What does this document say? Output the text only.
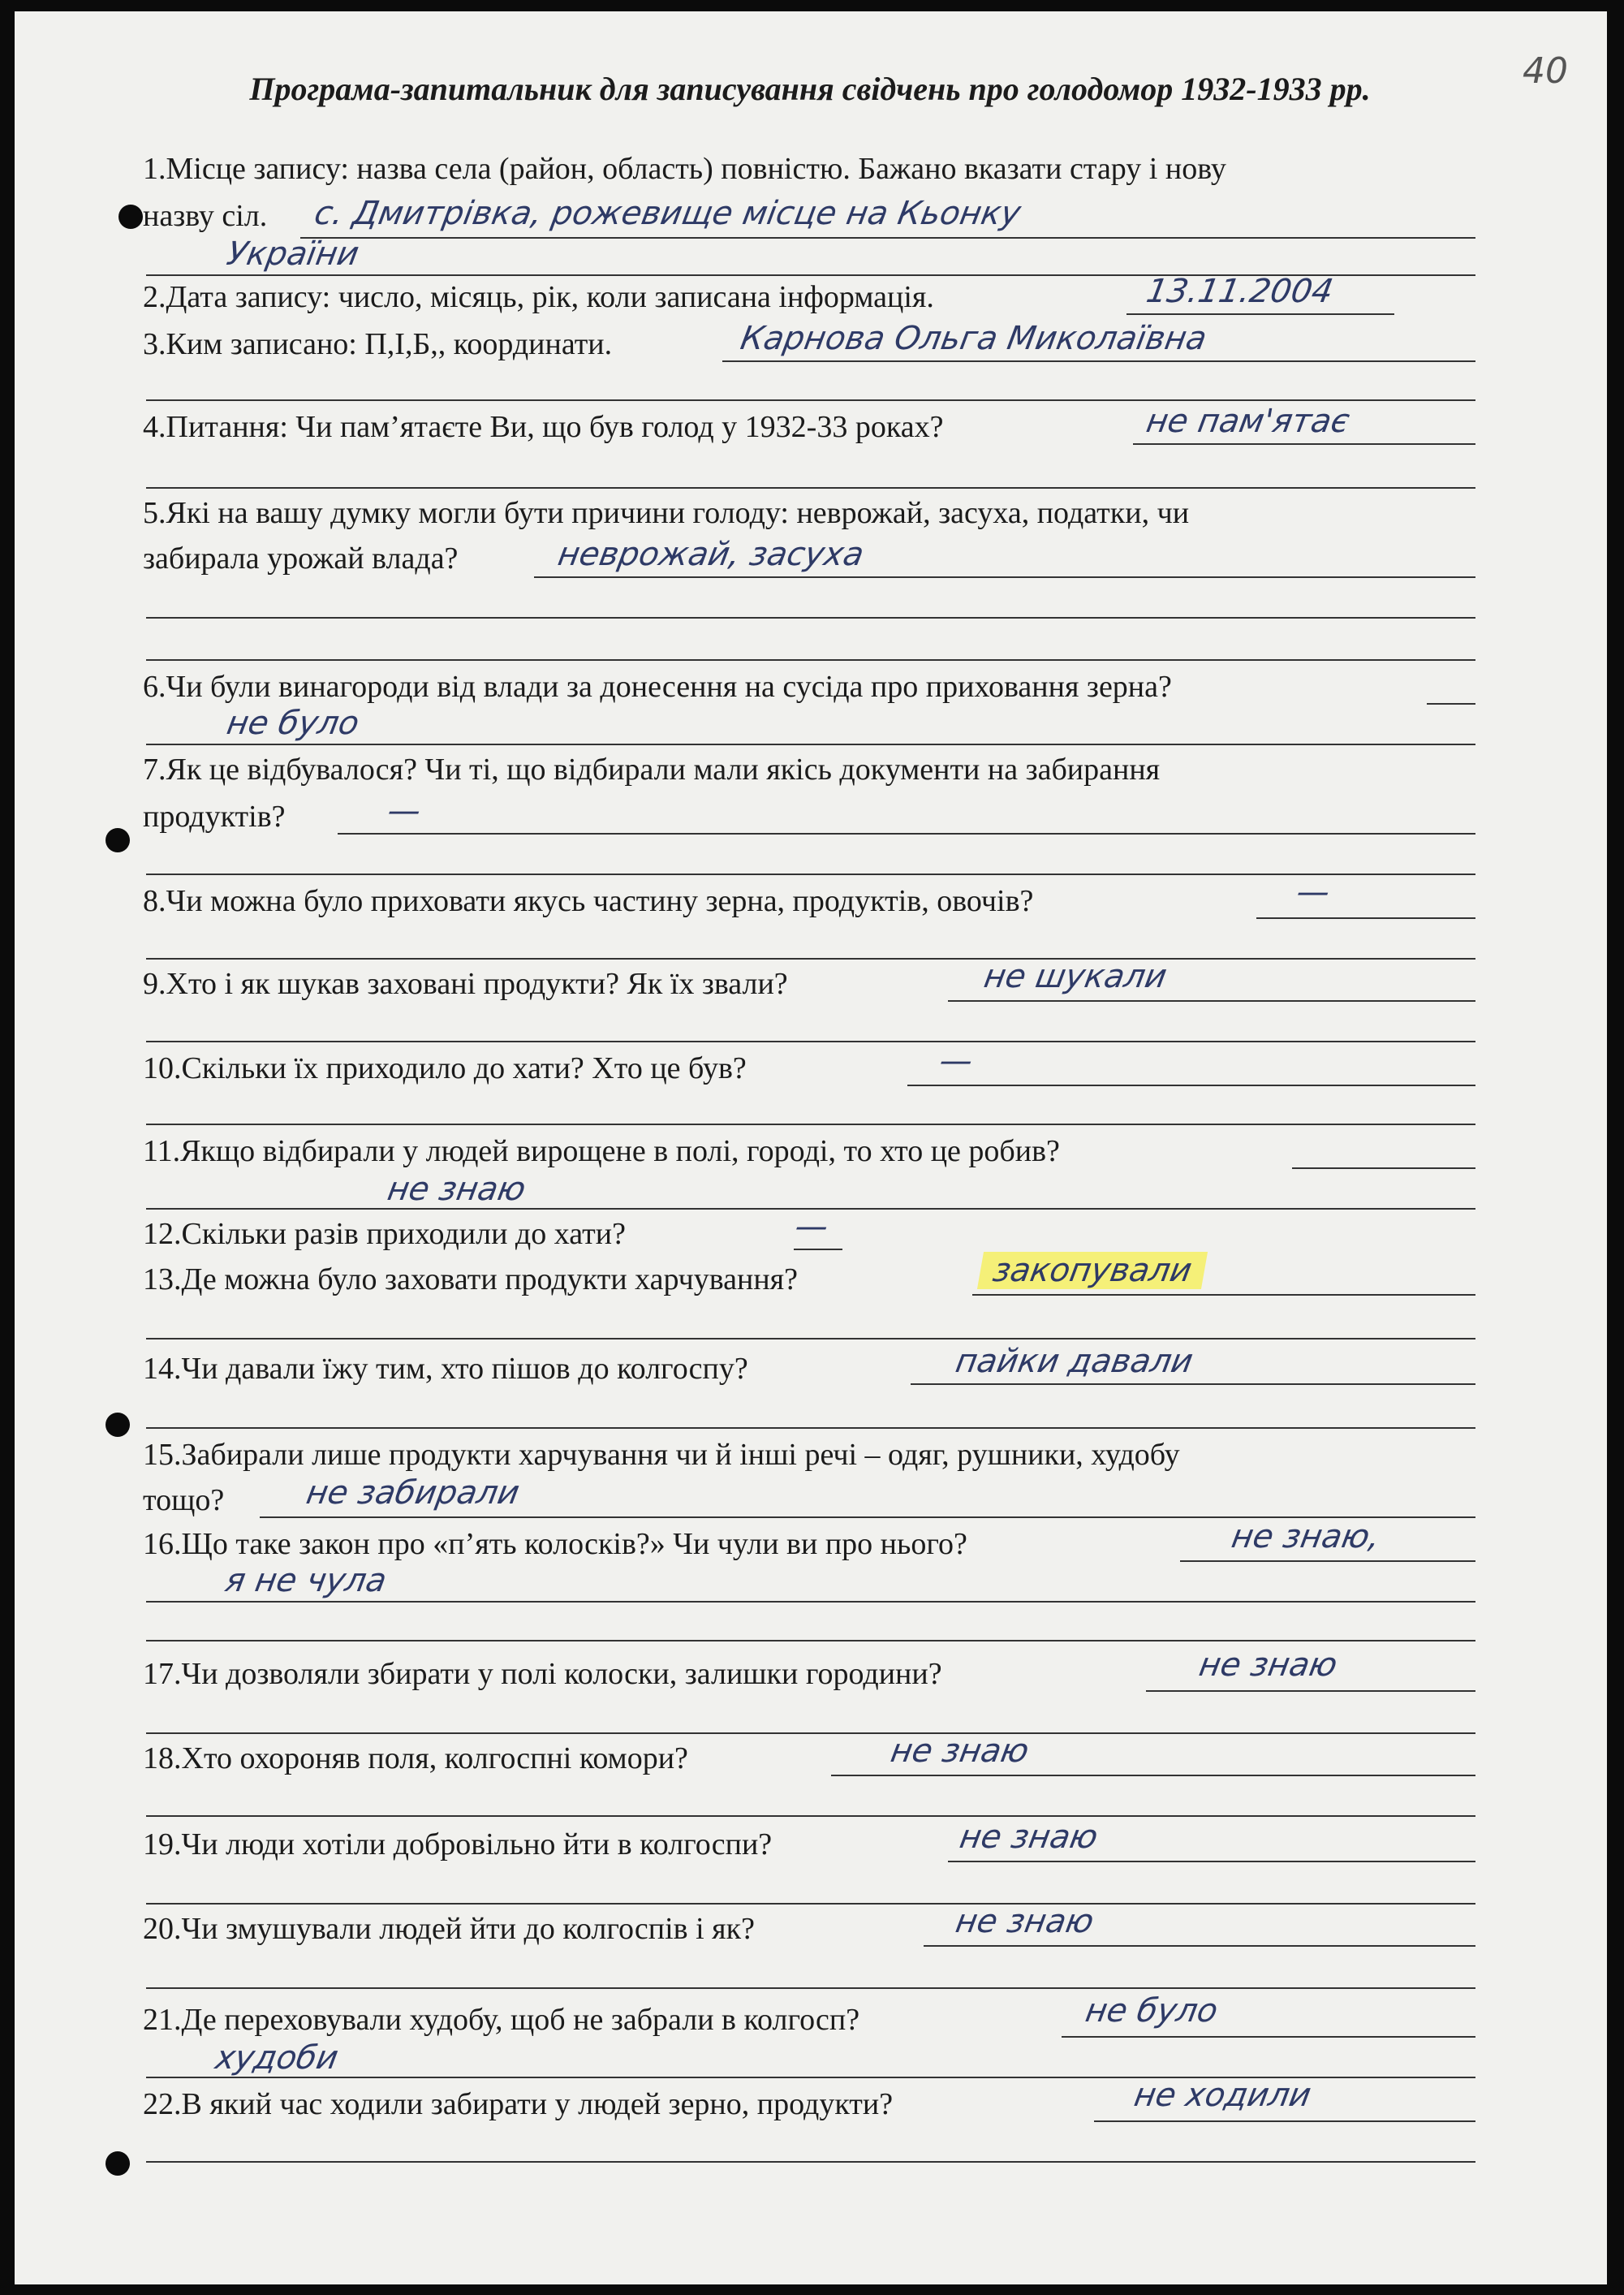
40
Програма-запитальник для записування свідчень про голодомор 1932-1933 рр.
1.Місце запису: назва села (район, область) повністю. Бажано вказати стару і нову
назву сіл.	с. Дмитрівка, рожевище місце на Кьонку
України
2.Дата запису: число, місяць, рік, коли записана інформація.	13.11.2004
3.Ким записано: П,І,Б,, координати.	Карнова Ольга Миколаївна
4.Питання: Чи пам’ятаєте Ви, що був голод у 1932-33 роках?	не пам'ятає
5.Які на вашу думку могли бути причини голоду: неврожай, засуха, податки, чи
забирала урожай влада?	неврожай, засуха
6.Чи були винагороди від влади за донесення на сусіда про приховання зерна?
не було
7.Як це відбувалося? Чи ті, що відбирали мали якісь документи на забирання
продуктів?	—
8.Чи можна було приховати якусь частину зерна, продуктів, овочів?	—
9.Хто і як шукав заховані продукти? Як їх звали?	не шукали
10.Скільки їх приходило до хати? Хто це був?	—
11.Якщо відбирали у людей вирощене в полі, городі, то хто це робив?
не знаю
12.Скільки разів приходили до хати?	—
13.Де можна було заховати продукти харчування?	закопували
14.Чи давали їжу тим, хто пішов до колгоспу?	пайки давали
15.Забирали лише продукти харчування чи й інші речі – одяг, рушники, худобу
тощо?	не забирали
16.Що таке закон про «п’ять колосків?» Чи чули ви про нього?	не знаю,
я не чула
17.Чи дозволяли збирати у полі колоски, залишки городини?	не знаю
18.Хто охороняв поля, колгоспні комори?	не знаю
19.Чи люди хотіли добровільно йти в колгоспи?	не знаю
20.Чи змушували людей йти до колгоспів і як?	не знаю
21.Де переховували худобу, щоб не забрали в колгосп?	не було
худоби
22.В який час ходили забирати у людей зерно, продукти?	не ходили
